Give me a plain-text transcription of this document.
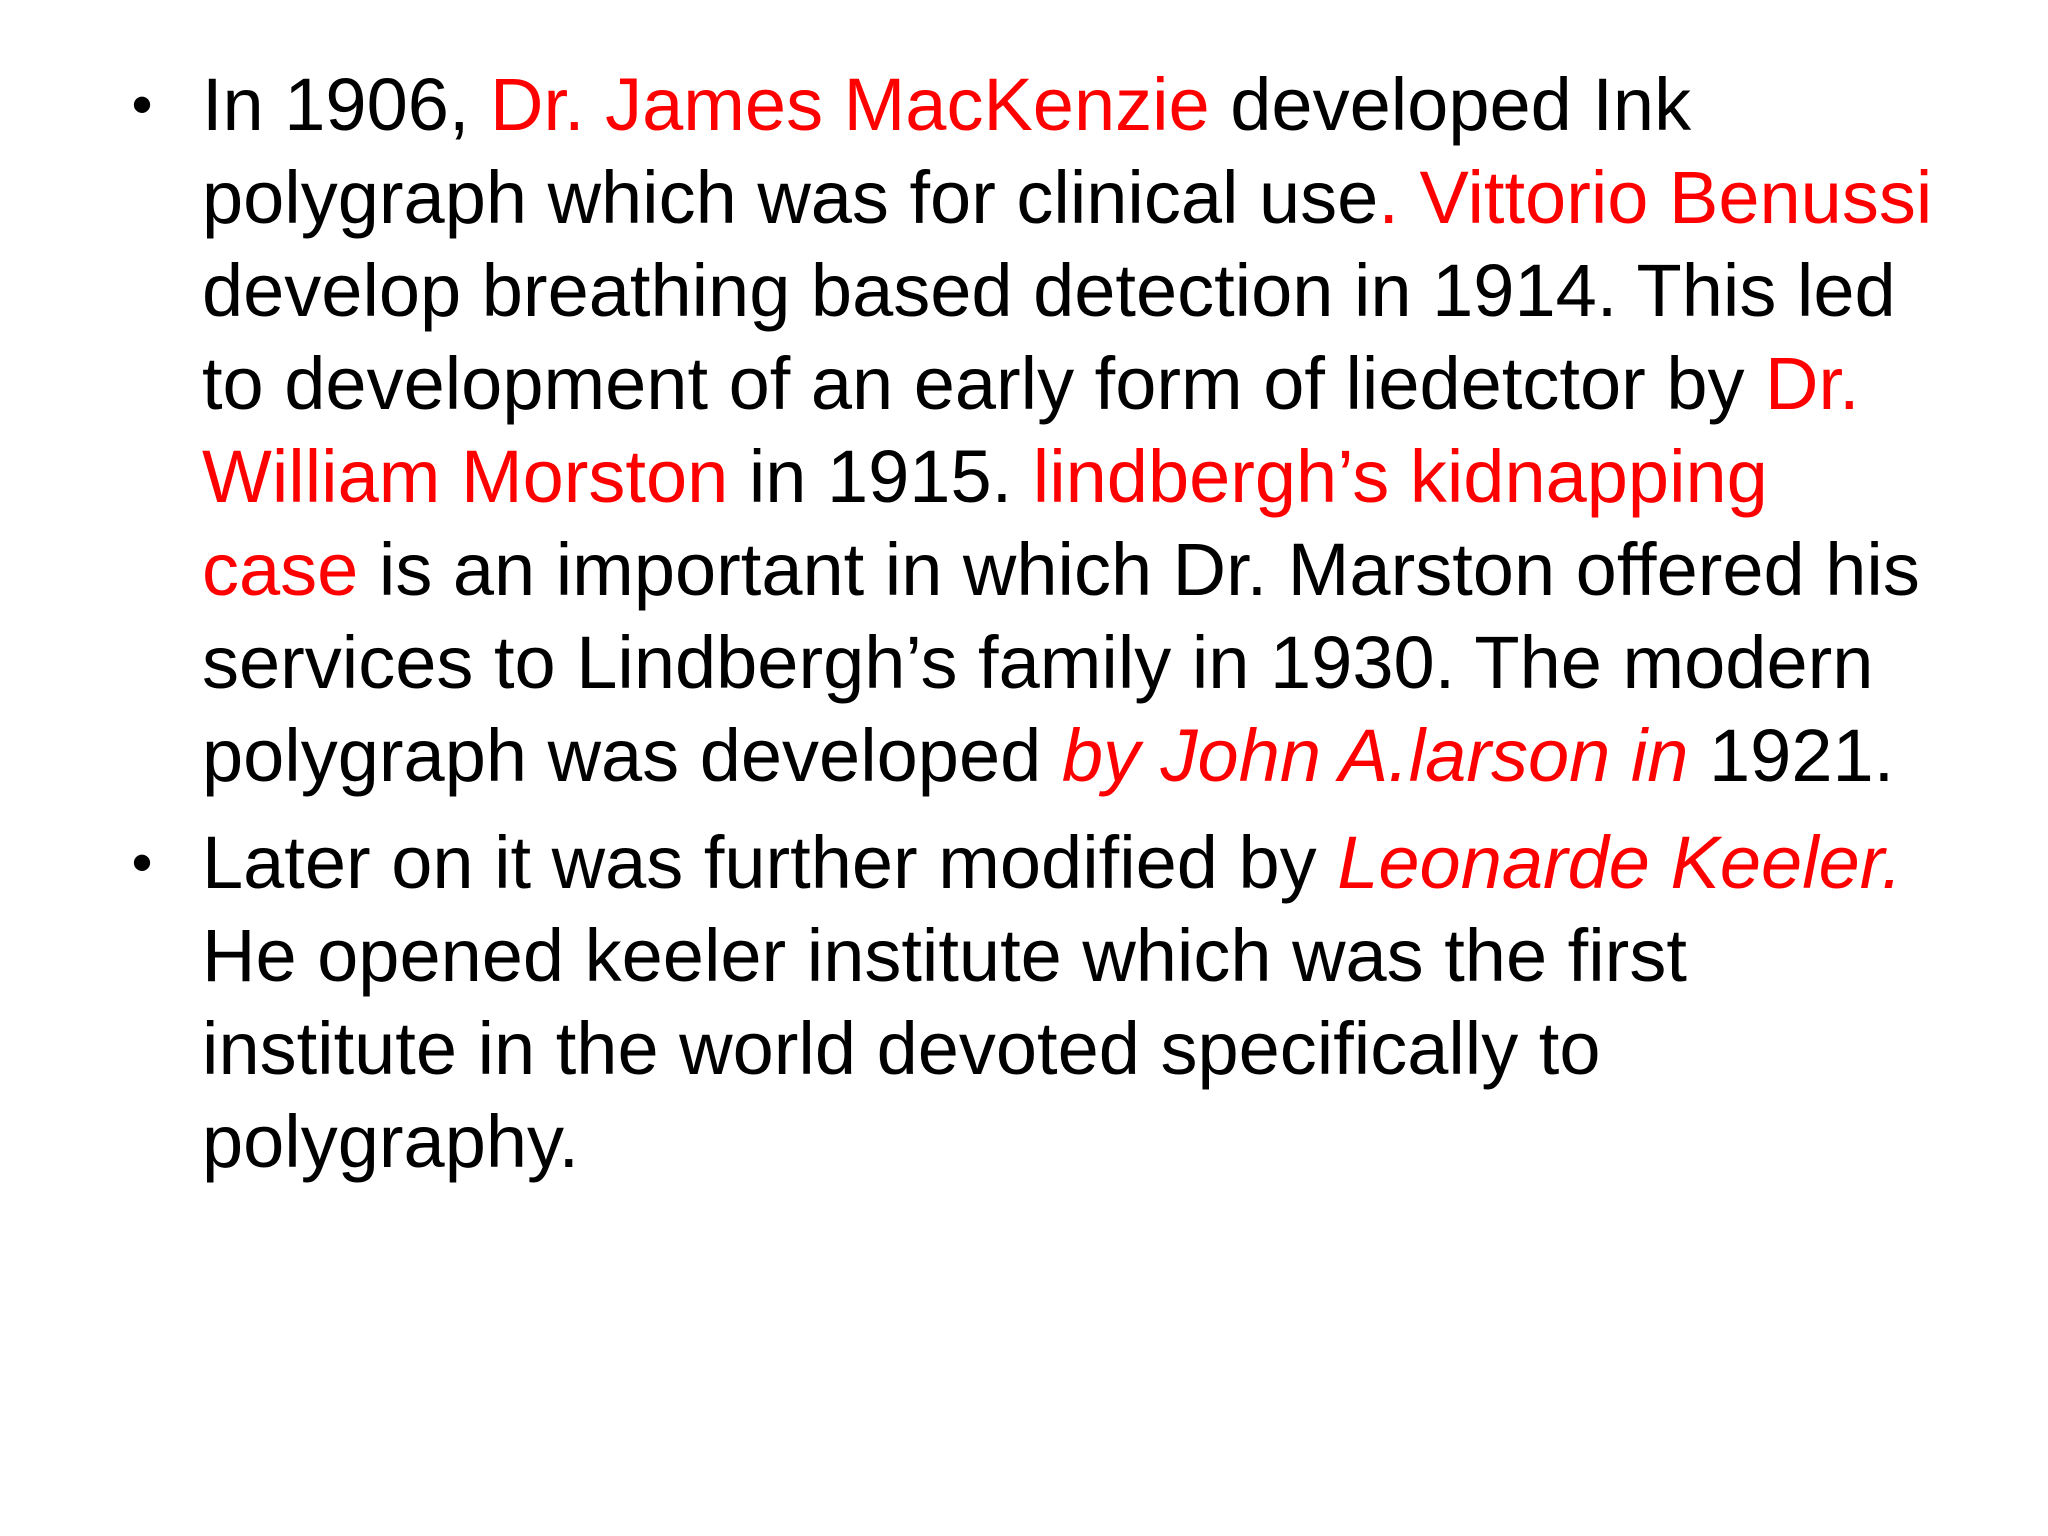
• In 1906, Dr. James MacKenzie developed Ink polygraph which was for clinical use. Vittorio Benussi develop breathing based detection in 1914. This led to development of an early form of liedetctor by Dr. William Morston in 1915. lindbergh’s kidnapping case is an important in which Dr. Marston offered his services to Lindbergh’s family in 1930. The modern polygraph was developed by John A.larson in 1921.
• Later on it was further modified by Leonarde Keeler. He opened keeler institute which was the first institute in the world devoted specifically to polygraphy.
